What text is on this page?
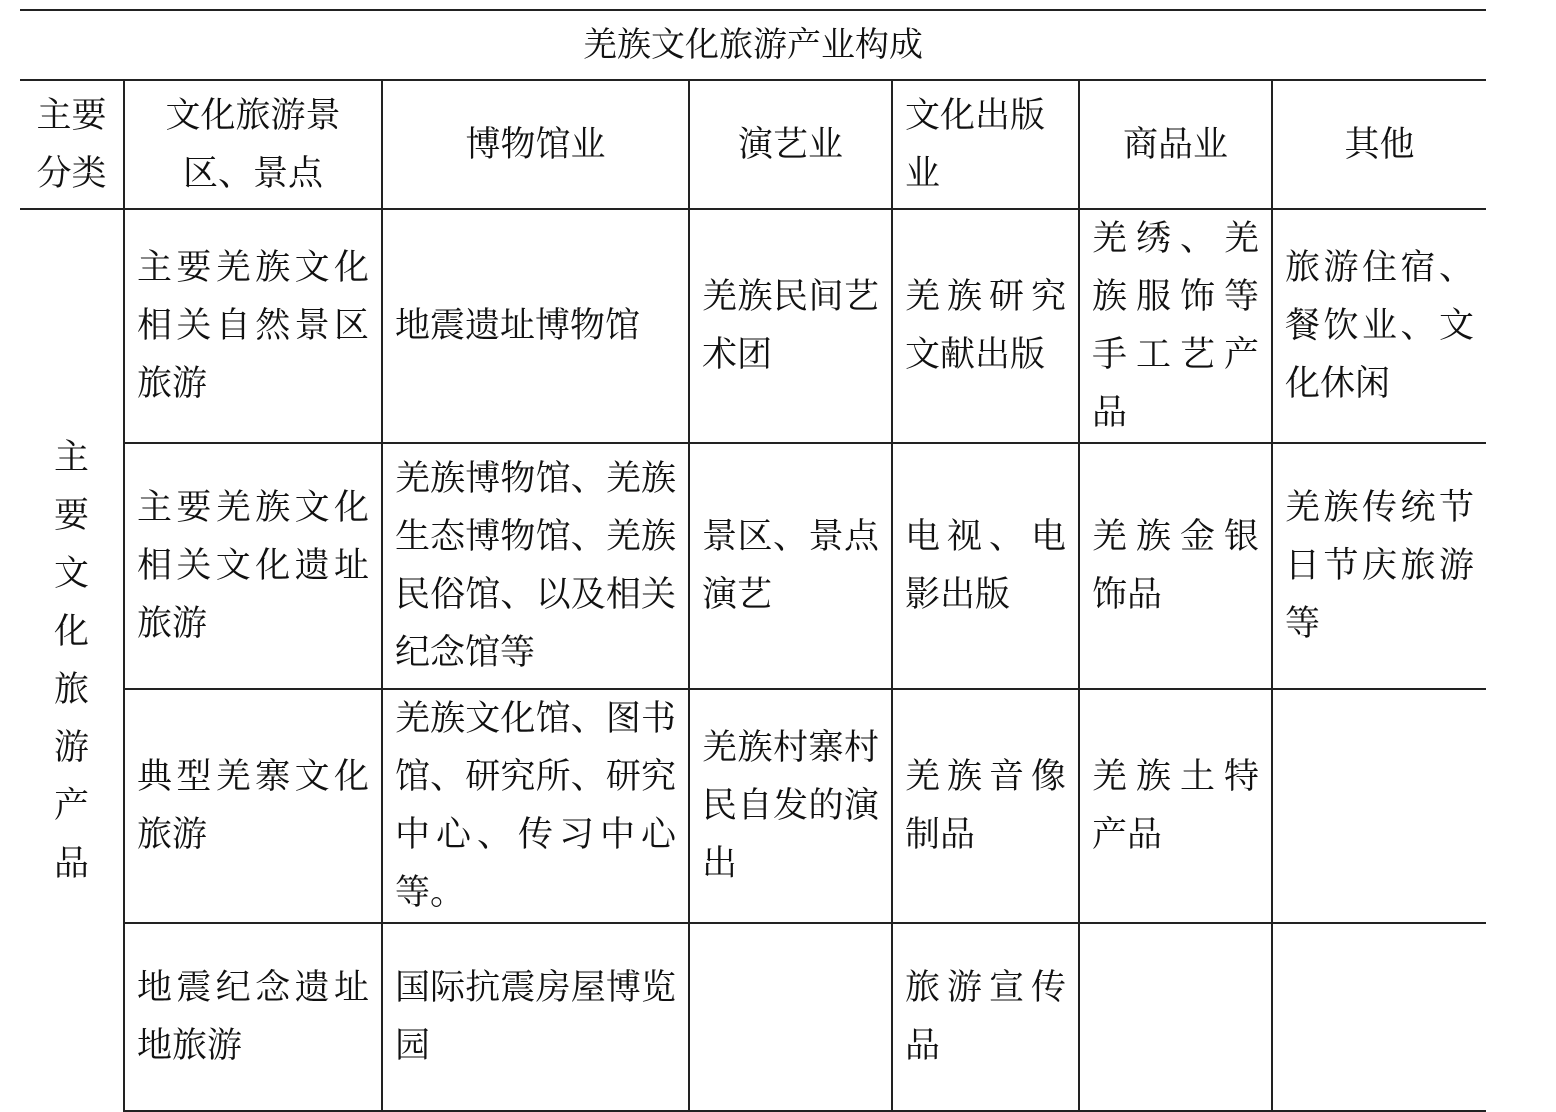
羌族文化旅游产业构成						
主要分类	文化旅游景区、景点	博物馆业	演艺业	文化出版业	商品业	其他
主要文化旅游产品	主要羌族文化相关自然景区旅游	地震遗址博物馆	羌族民间艺术团	羌族研究文献出版	羌绣、羌族服饰等手工艺产品	旅游住宿、餐饮业、文化休闲
	主要羌族文化相关文化遗址旅游	羌族博物馆、羌族生态博物馆、羌族民俗馆、以及相关纪念馆等	景区、景点演艺	电视、电影出版	羌族金银饰品	羌族传统节日节庆旅游等
	典型羌寨文化旅游	羌族文化馆、图书馆、研究所、研究中心、传习中心等。	羌族村寨村民自发的演出	羌族音像制品	羌族土特产品	
	地震纪念遗址地旅游	国际抗震房屋博览园		旅游宣传品		
